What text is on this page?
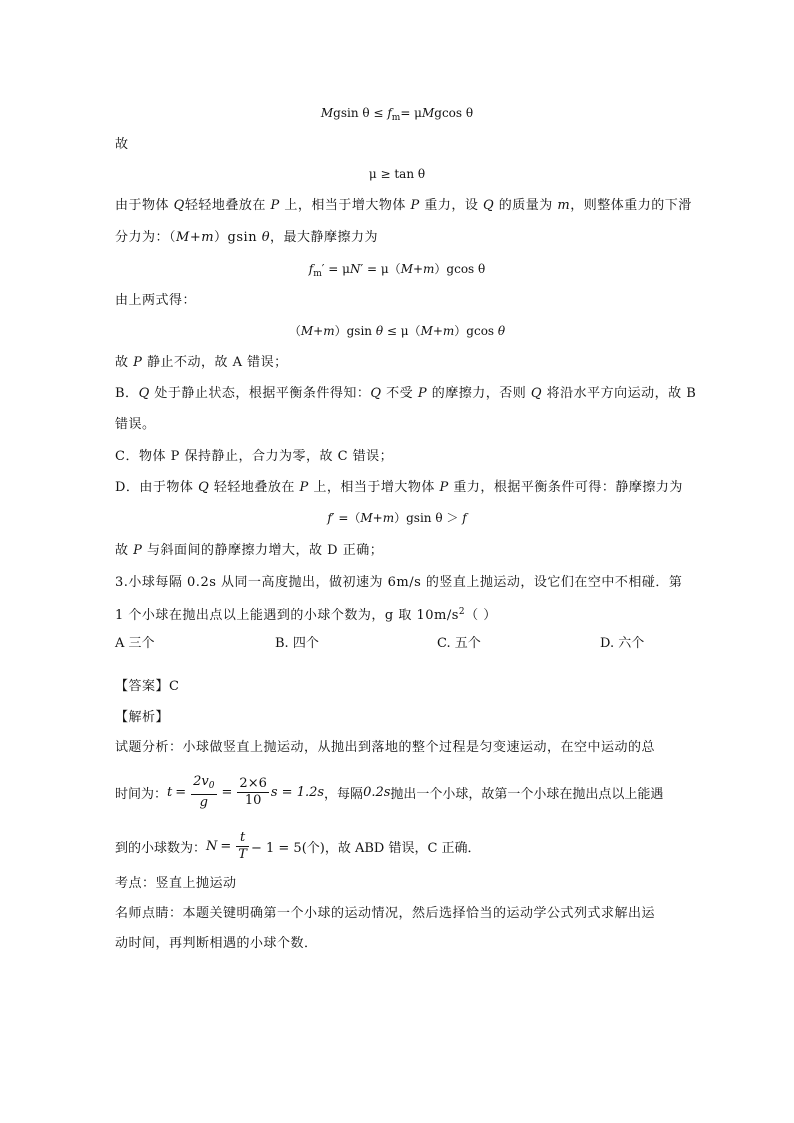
Mgsin $\theta \le f_m= \mu Mgcos$ θ
故
μ ≥ tan θ
由于物体 Q轻轻地叠放在 P 上，相当于增大物体 P 重力，设 Q 的质量为 m，则整体重力的下滑
分力为：（M+m）gsin θ，最大静摩擦力为
$f_m' = \mu N' = \mu(M+m)gcos$ θ
由上两式得：
（M+m）gsin θ ≤ μ（M+m）gcos θ
故 P 静止不动，故 A 错误；
B．Q 处于静止状态，根据平衡条件得知：Q 不受 P 的摩擦力，否则 Q 将沿水平方向运动，故 B
错误。
C．物体 P 保持静止，合力为零，故 C 错误；
D．由于物体 Q 轻轻地叠放在 P 上，相当于增大物体 P 重力，根据平衡条件可得：静摩擦力为
f′ =（M+m）gsin θ ＞ f
故 P 与斜面间的静摩擦力增大，故 D 正确；
3.小球每隔 0.2s 从同一高度抛出，做初速为 6m/s 的竖直上抛运动，设它们在空中不相碰．第
1 个小球在抛出点以上能遇到的小球个数为，g 取 $10m/s^2$（ ）
A 三个	B. 四个	C. 五个	D. 六个
【答案】C
【解析】
试题分析：小球做竖直上抛运动，从抛出到落地的整个过程是匀变速运动，在空中运动的总
时间为： $t = \frac{2v_0}{g} = \frac{2\times 6}{10}$ s = 1.2s ，每隔 0.2s 抛出一个小球，故第一个小球在抛出点以上能遇
到的小球数为： $N = \frac{t}{T} - 1 = 5$(个) ，故 ABD 错误，C 正确．
考点：竖直上抛运动
名师点睛：本题关键明确第一个小球的运动情况，然后选择恰当的运动学公式列式求解出运
动时间，再判断相遇的小球个数．
